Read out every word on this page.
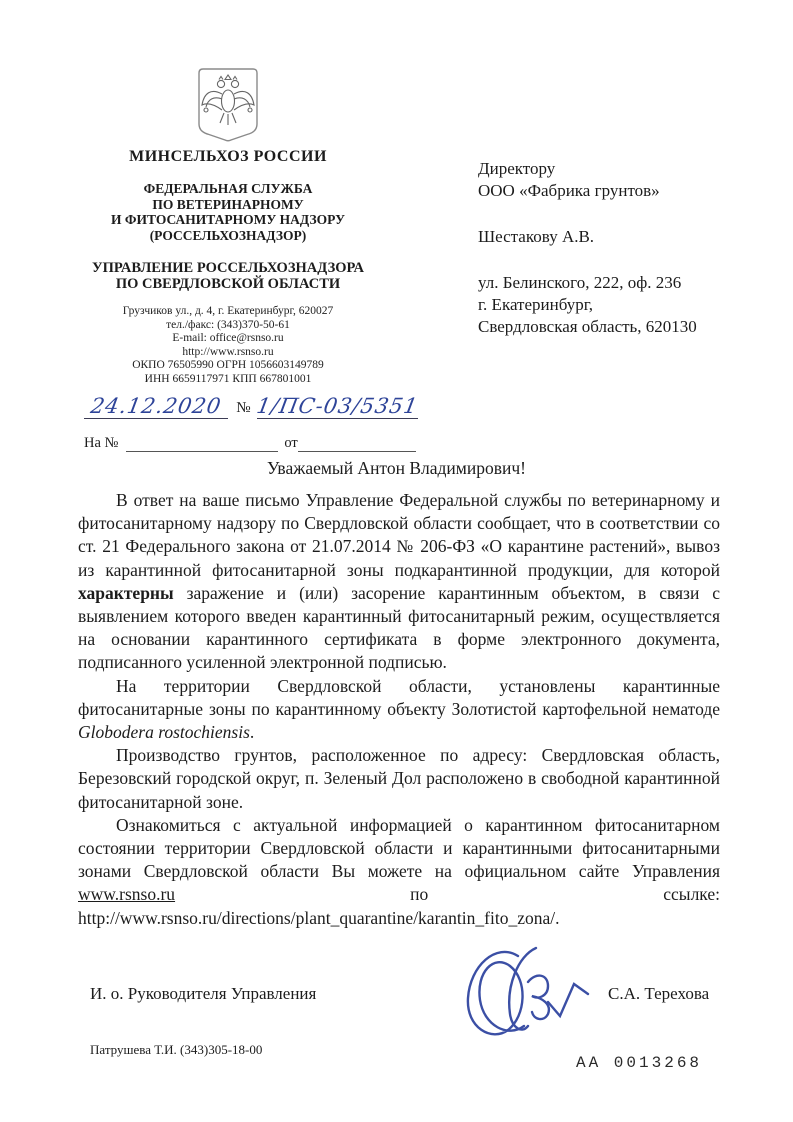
МИНСЕЛЬХОЗ РОССИИ
ФЕДЕРАЛЬНАЯ СЛУЖБА
ПО ВЕТЕРИНАРНОМУ
И ФИТОСАНИТАРНОМУ НАДЗОРУ
(РОССЕЛЬХОЗНАДЗОР)
УПРАВЛЕНИЕ РОССЕЛЬХОЗНАДЗОРА
ПО СВЕРДЛОВСКОЙ ОБЛАСТИ
Грузчиков ул., д. 4, г. Екатеринбург, 620027
тел./факс: (343)370-50-61
E-mail: office@rsnso.ru
http://www.rsnso.ru
ОКПО 76505990 ОГРН 1056603149789
ИНН 6659117971 КПП 667801001
24.12.2020 № 1/ПС-03/5351
На №	от
Директору
ООО «Фабрика грунтов»
Шестакову А.В.
ул. Белинского, 222, оф. 236
г. Екатеринбург,
Свердловская область, 620130
Уважаемый Антон Владимирович!

В ответ на ваше письмо Управление Федеральной службы по ветеринарному и фитосанитарному надзору по Свердловской области сообщает, что в соответствии со ст. 21 Федерального закона от 21.07.2014 № 206-ФЗ «О карантине растений», вывоз из карантинной фитосанитарной зоны подкарантинной продукции, для которой характерны заражение и (или) засорение карантинным объектом, в связи с выявлением которого введен карантинный фитосанитарный режим, осуществляется на основании карантинного сертификата в форме электронного документа, подписанного усиленной электронной подписью.

На территории Свердловской области, установлены карантинные фитосанитарные зоны по карантинному объекту Золотистой картофельной нематоде Globodera rostochiensis.

Производство грунтов, расположенное по адресу: Свердловская область, Березовский городской округ, п. Зеленый Дол расположено в свободной карантинной фитосанитарной зоне.

Ознакомиться с актуальной информацией о карантинном фитосанитарном состоянии территории Свердловской области и карантинными фитосанитарными зонами Свердловской области Вы можете на официальном сайте Управления www.rsnso.ru по ссылке: http://www.rsnso.ru/directions/plant_quarantine/karantin_fito_zona/.

И. о. Руководителя Управления	С.А. Терехова
Патрушева Т.И. (343)305-18-00
АА 0013268
